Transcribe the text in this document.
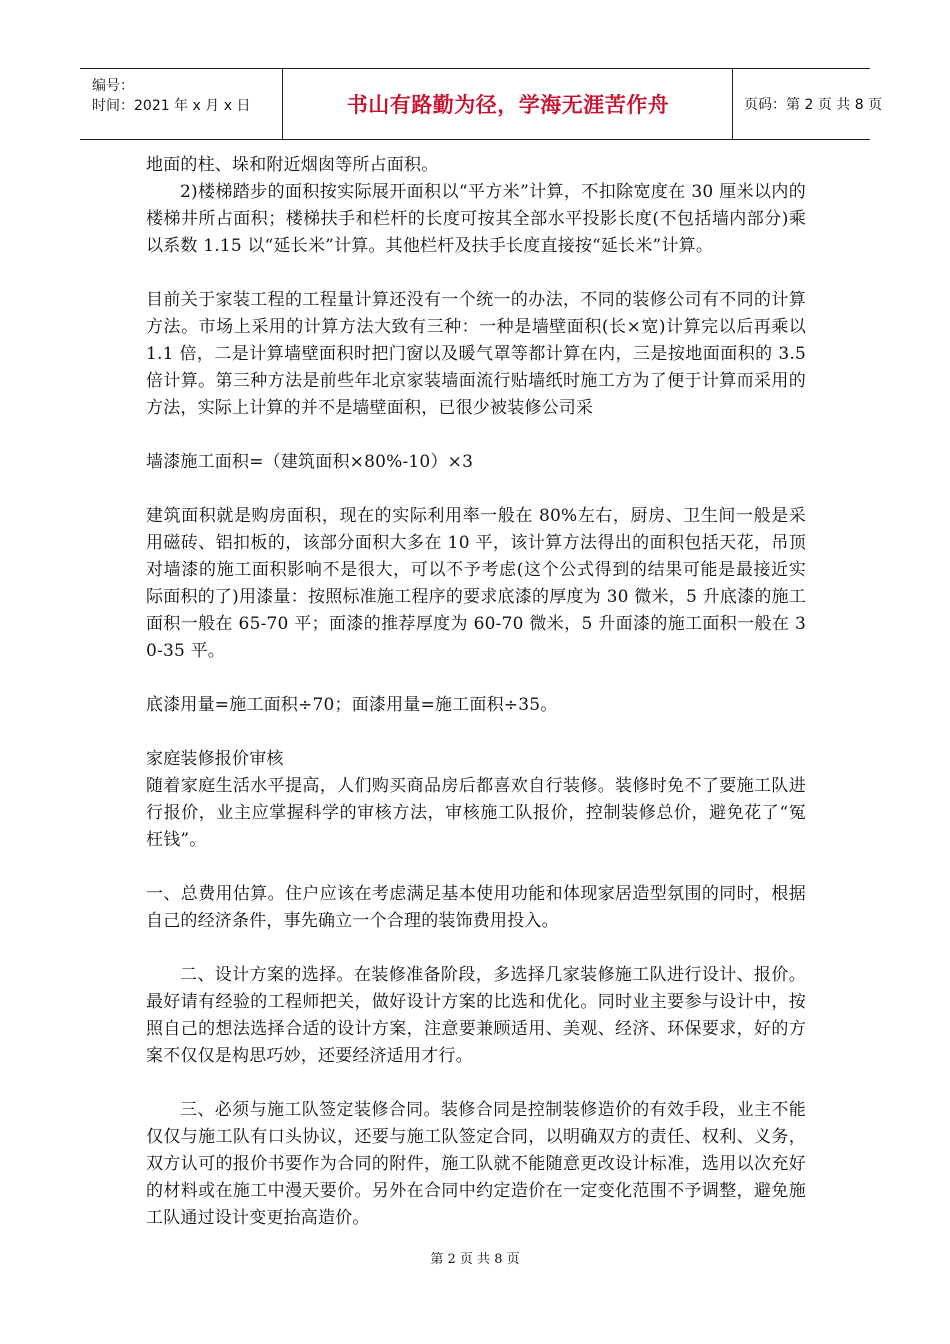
编号：
时间：2021 年 x 月 x 日	书山有路勤为径，学海无涯苦作舟	页码：第 2 页 共 8 页

地面的柱、垛和附近烟囱等所占面积。

2)楼梯踏步的面积按实际展开面积以“平方米”计算，不扣除宽度在 30 厘米以内的楼梯井所占面积；楼梯扶手和栏杆的长度可按其全部水平投影长度(不包括墙内部分)乘以系数 1.15 以“延长米”计算。其他栏杆及扶手长度直接按“延长米”计算。

目前关于家装工程的工程量计算还没有一个统一的办法，不同的装修公司有不同的计算方法。市场上采用的计算方法大致有三种：一种是墙壁面积(长×宽)计算完以后再乘以 1.1 倍，二是计算墙壁面积时把门窗以及暖气罩等都计算在内，三是按地面面积的 3.5 倍计算。第三种方法是前些年北京家装墙面流行贴墙纸时施工方为了便于计算而采用的方法，实际上计算的并不是墙壁面积，已很少被装修公司采

墙漆施工面积=（建筑面积×80%-10）×3

建筑面积就是购房面积，现在的实际利用率一般在 80%左右，厨房、卫生间一般是采用磁砖、铝扣板的，该部分面积大多在 10 平，该计算方法得出的面积包括天花，吊顶对墙漆的施工面积影响不是很大，可以不予考虑(这个公式得到的结果可能是最接近实际面积的了)用漆量：按照标准施工程序的要求底漆的厚度为 30 微米，5 升底漆的施工面积一般在 65-70 平；面漆的推荐厚度为 60-70 微米，5 升面漆的施工面积一般在 30-35 平。

底漆用量=施工面积÷70；面漆用量=施工面积÷35。

家庭装修报价审核

随着家庭生活水平提高，人们购买商品房后都喜欢自行装修。装修时免不了要施工队进行报价，业主应掌握科学的审核方法，审核施工队报价，控制装修总价，避免花了“冤枉钱”。

一、总费用估算。住户应该在考虑满足基本使用功能和体现家居造型氛围的同时，根据自己的经济条件，事先确立一个合理的装饰费用投入。

二、设计方案的选择。在装修准备阶段，多选择几家装修施工队进行设计、报价。最好请有经验的工程师把关，做好设计方案的比选和优化。同时业主要参与设计中，按照自己的想法选择合适的设计方案，注意要兼顾适用、美观、经济、环保要求，好的方案不仅仅是构思巧妙，还要经济适用才行。

三、必须与施工队签定装修合同。装修合同是控制装修造价的有效手段，业主不能仅仅与施工队有口头协议，还要与施工队签定合同，以明确双方的责任、权利、义务，双方认可的报价书要作为合同的附件，施工队就不能随意更改设计标准，选用以次充好的材料或在施工中漫天要价。另外在合同中约定造价在一定变化范围不予调整，避免施工队通过设计变更抬高造价。

第 2 页 共 8 页
